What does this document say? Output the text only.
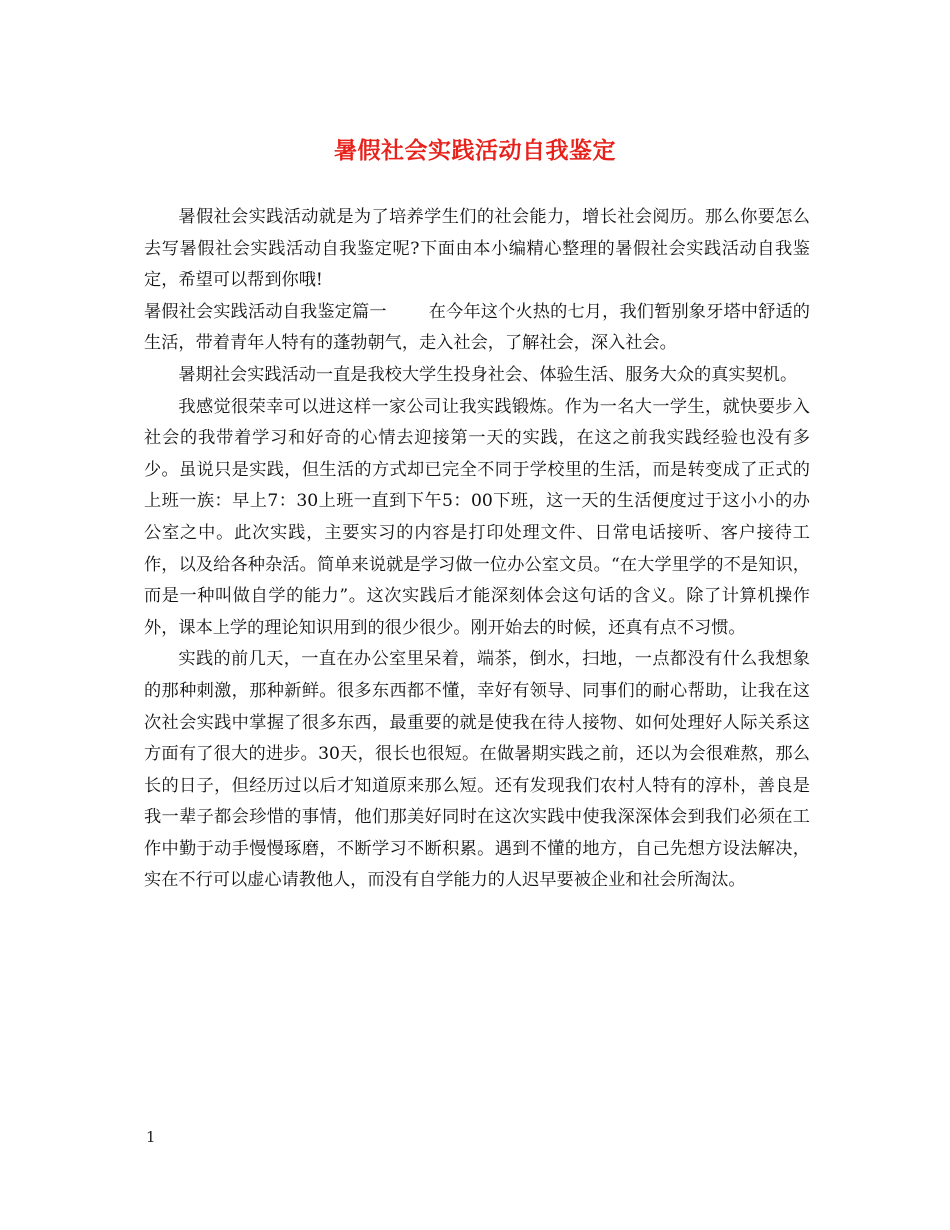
暑假社会实践活动自我鉴定

暑假社会实践活动就是为了培养学生们的社会能力，增长社会阅历。那么你要怎么去写暑假社会实践活动自我鉴定呢?下面由本小编精心整理的暑假社会实践活动自我鉴定，希望可以帮到你哦!

暑假社会实践活动自我鉴定篇一 在今年这个火热的七月，我们暂别象牙塔中舒适的生活，带着青年人特有的蓬勃朝气，走入社会，了解社会，深入社会。

暑期社会实践活动一直是我校大学生投身社会、体验生活、服务大众的真实契机。

我感觉很荣幸可以进这样一家公司让我实践锻炼。作为一名大一学生，就快要步入社会的我带着学习和好奇的心情去迎接第一天的实践，在这之前我实践经验也没有多少。虽说只是实践，但生活的方式却已完全不同于学校里的生活，而是转变成了正式的上班一族：早上7：30上班一直到下午5：00下班，这一天的生活便度过于这小小的办公室之中。此次实践，主要实习的内容是打印处理文件、日常电话接听、客户接待工作，以及给各种杂活。简单来说就是学习做一位办公室文员。“在大学里学的不是知识，而是一种叫做自学的能力”。这次实践后才能深刻体会这句话的含义。除了计算机操作外，课本上学的理论知识用到的很少很少。刚开始去的时候，还真有点不习惯。

实践的前几天，一直在办公室里呆着，端茶，倒水，扫地，一点都没有什么我想象的那种刺激，那种新鲜。很多东西都不懂，幸好有领导、同事们的耐心帮助，让我在这次社会实践中掌握了很多东西，最重要的就是使我在待人接物、如何处理好人际关系这方面有了很大的进步。30天，很长也很短。在做暑期实践之前，还以为会很难熬，那么长的日子，但经历过以后才知道原来那么短。还有发现我们农村人特有的淳朴，善良是我一辈子都会珍惜的事情，他们那美好同时在这次实践中使我深深体会到我们必须在工作中勤于动手慢慢琢磨，不断学习不断积累。遇到不懂的地方，自己先想方设法解决，实在不行可以虚心请教他人，而没有自学能力的人迟早要被企业和社会所淘汰。

1
